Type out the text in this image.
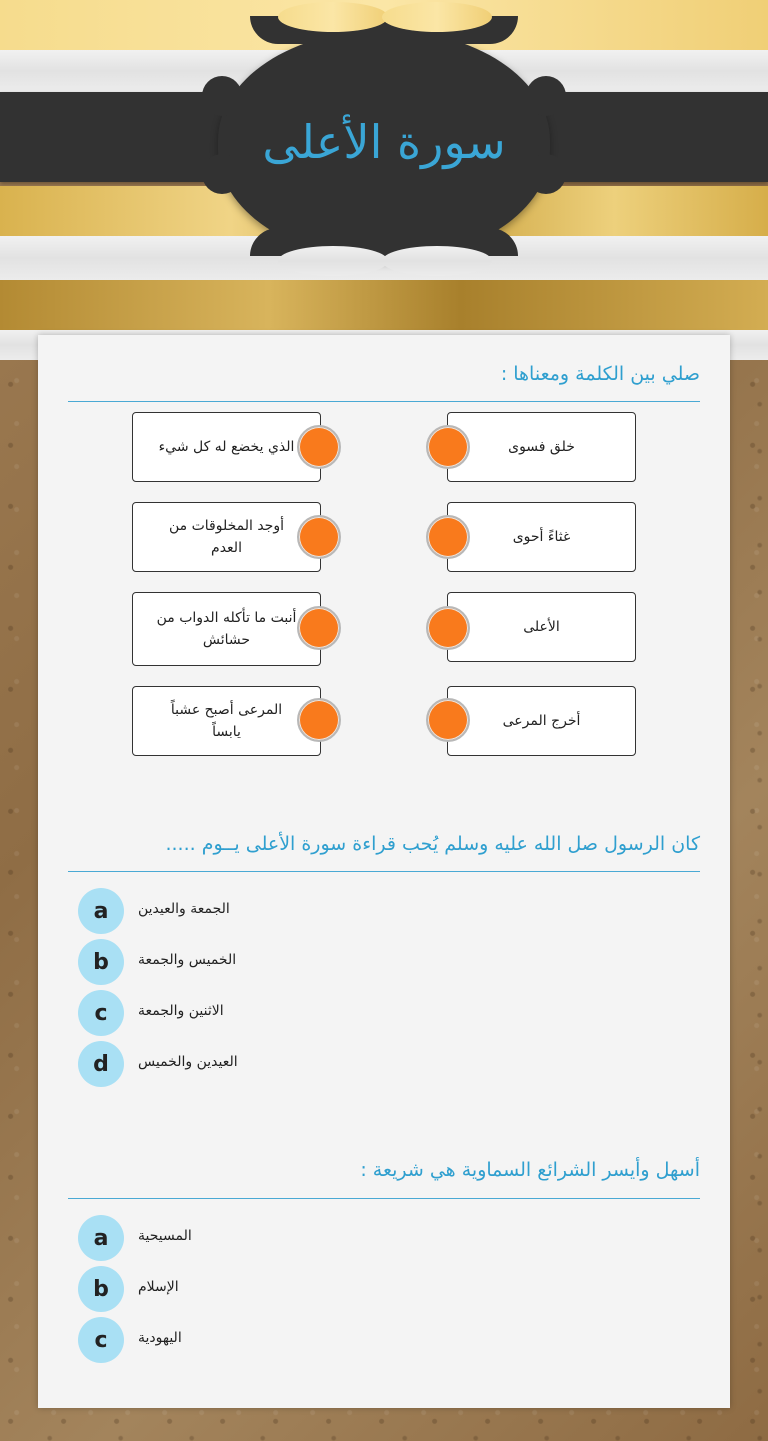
سورة الأعلى
صلي بين الكلمة ومعناها :
الذي يخضع له كل شيء
أوجد المخلوقات من العدم
أنبت ما تأكله الدواب من حشائش
المرعى أصبح عشباً يابساً
خلق فسوى
غثاءً أحوى
الأعلى
أخرج المرعى
كان الرسول صل الله عليه وسلم يُحب قراءة سورة الأعلى يــوم .....
a	الجمعة والعيدين
b	الخميس والجمعة
c	الاثنين والجمعة
d	العيدين والخميس
أسهل وأيسر الشرائع السماوية هي شريعة :
a	المسيحية
b	الإسلام
c	اليهودية
